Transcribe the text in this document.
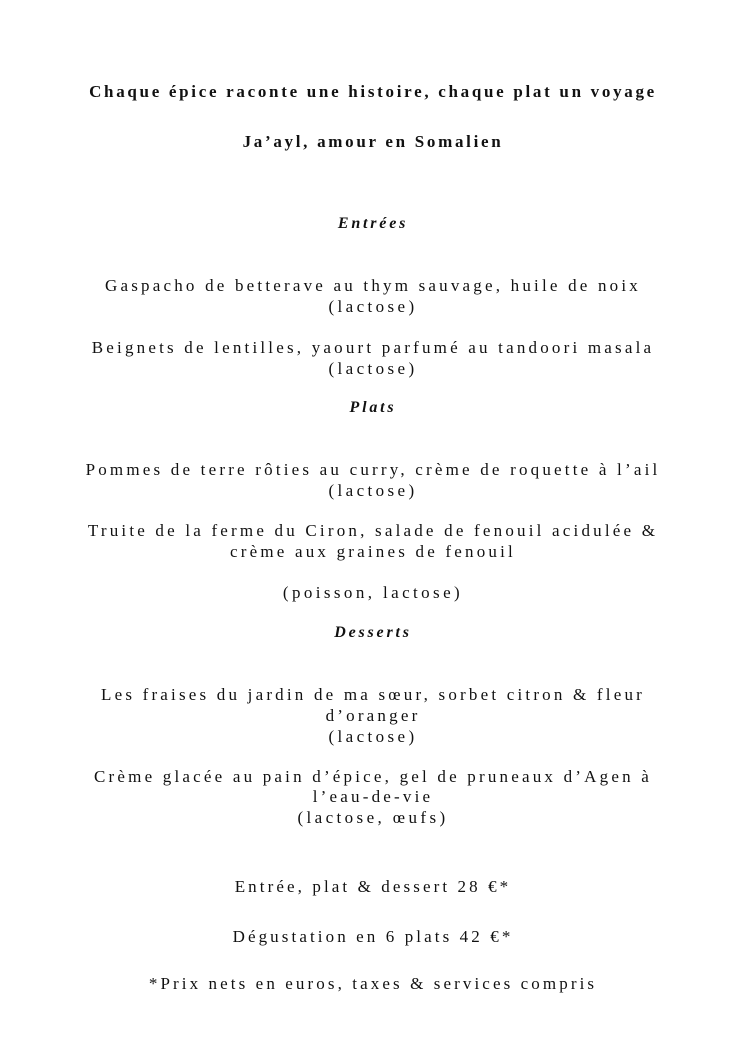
Chaque épice raconte une histoire, chaque plat un voyage
Ja’ayl, amour en Somalien
Entrées
Gaspacho de betterave au thym sauvage, huile de noix
(lactose)
Beignets de lentilles, yaourt parfumé au tandoori masala
(lactose)
Plats
Pommes de terre rôties au curry, crème de roquette à l’ail
(lactose)
Truite de la ferme du Ciron, salade de fenouil acidulée &
crème aux graines de fenouil
(poisson, lactose)
Desserts
Les fraises du jardin de ma sœur, sorbet citron & fleur
d’oranger
(lactose)
Crème glacée au pain d’épice, gel de pruneaux d’Agen à
l’eau-de-vie
(lactose, œufs)
Entrée, plat & dessert 28 €*
Dégustation en 6 plats 42 €*
*Prix nets en euros, taxes & services compris
